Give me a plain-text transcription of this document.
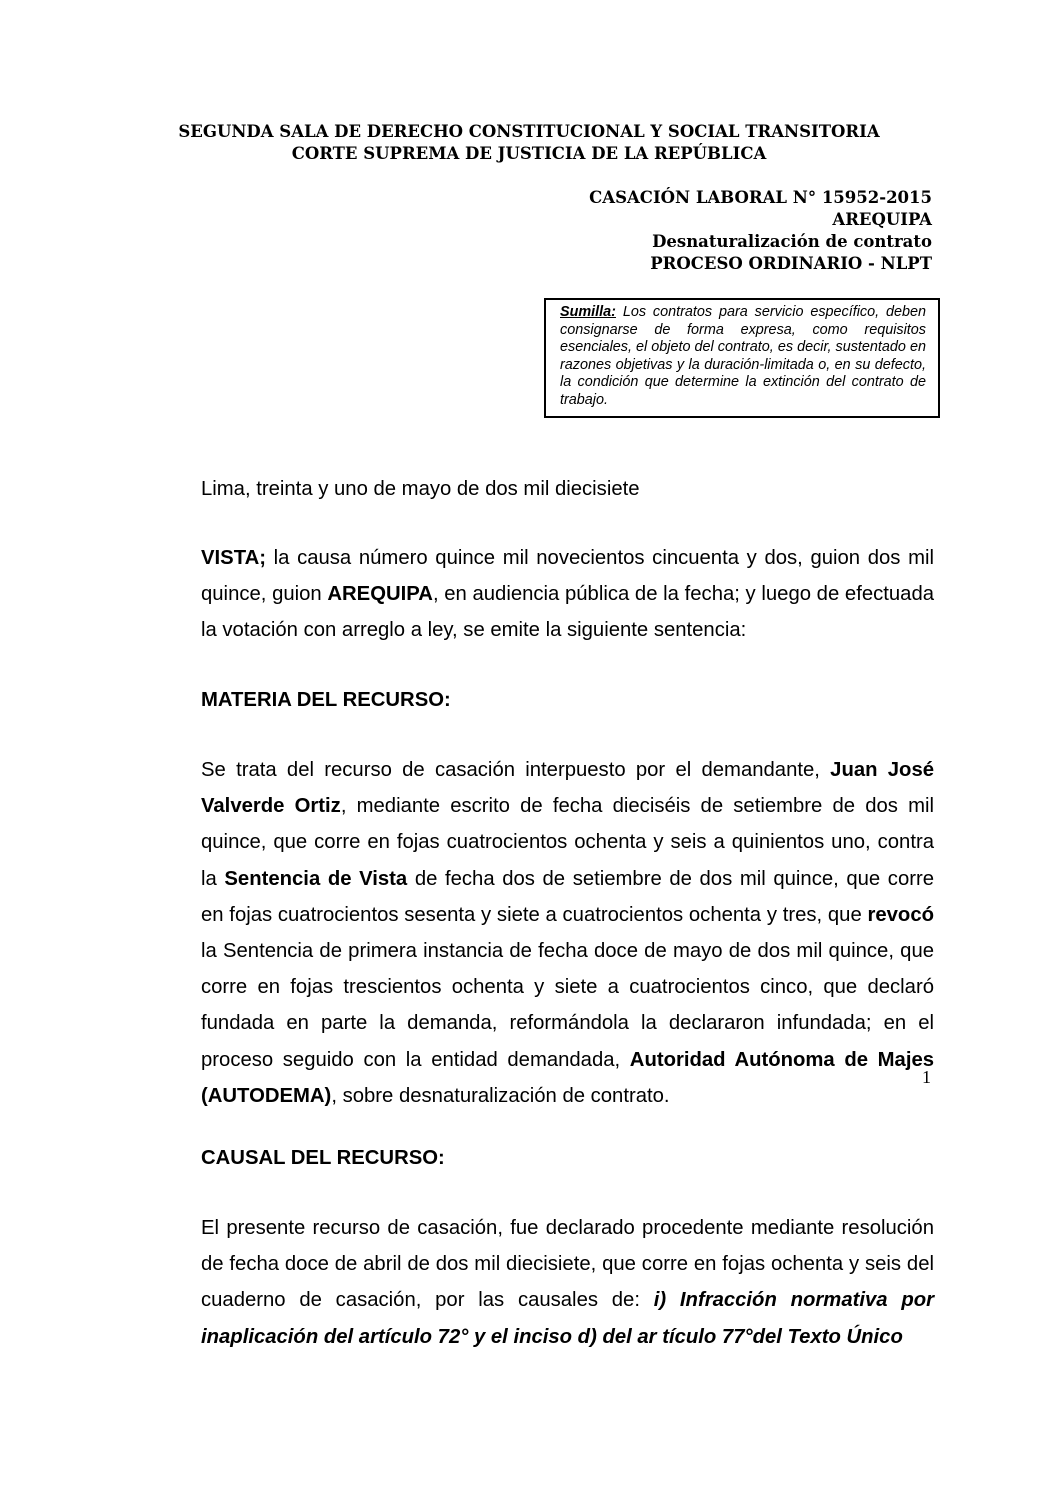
SEGUNDA SALA DE DERECHO CONSTITUCIONAL Y SOCIAL TRANSITORIA
CORTE SUPREMA DE JUSTICIA DE LA REPÚBLICA
CASACIÓN LABORAL N° 15952-2015
AREQUIPA
Desnaturalización de contrato
PROCESO ORDINARIO - NLPT
Sumilla: Los contratos para servicio específico, deben consignarse de forma expresa, como requisitos esenciales, el objeto del contrato, es decir, sustentado en razones objetivas y la duración-limitada o, en su defecto, la condición que determine la extinción del contrato de trabajo.
Lima, treinta y uno de mayo de dos mil diecisiete
VISTA; la causa número quince mil novecientos cincuenta y dos, guion dos mil quince, guion AREQUIPA, en audiencia pública de la fecha; y luego de efectuada la votación con arreglo a ley, se emite la siguiente sentencia:
MATERIA DEL RECURSO:
Se trata del recurso de casación interpuesto por el demandante, Juan José Valverde Ortiz, mediante escrito de fecha dieciséis de setiembre de dos mil quince, que corre en fojas cuatrocientos ochenta y seis a quinientos uno, contra la Sentencia de Vista de fecha dos de setiembre de dos mil quince, que corre en fojas cuatrocientos sesenta y siete a cuatrocientos ochenta y tres, que revocó la Sentencia de primera instancia de fecha doce de mayo de dos mil quince, que corre en fojas trescientos ochenta y siete a cuatrocientos cinco, que declaró fundada en parte la demanda, reformándola la declararon infundada; en el proceso seguido con la entidad demandada, Autoridad Autónoma de Majes (AUTODEMA), sobre desnaturalización de contrato.
CAUSAL DEL RECURSO:
El presente recurso de casación, fue declarado procedente mediante resolución de fecha doce de abril de dos mil diecisiete, que corre en fojas ochenta y seis del cuaderno de casación, por las causales de: i) Infracción normativa por inaplicación del artículo 72° y el inciso d) del ar tículo 77°del Texto Único
1
